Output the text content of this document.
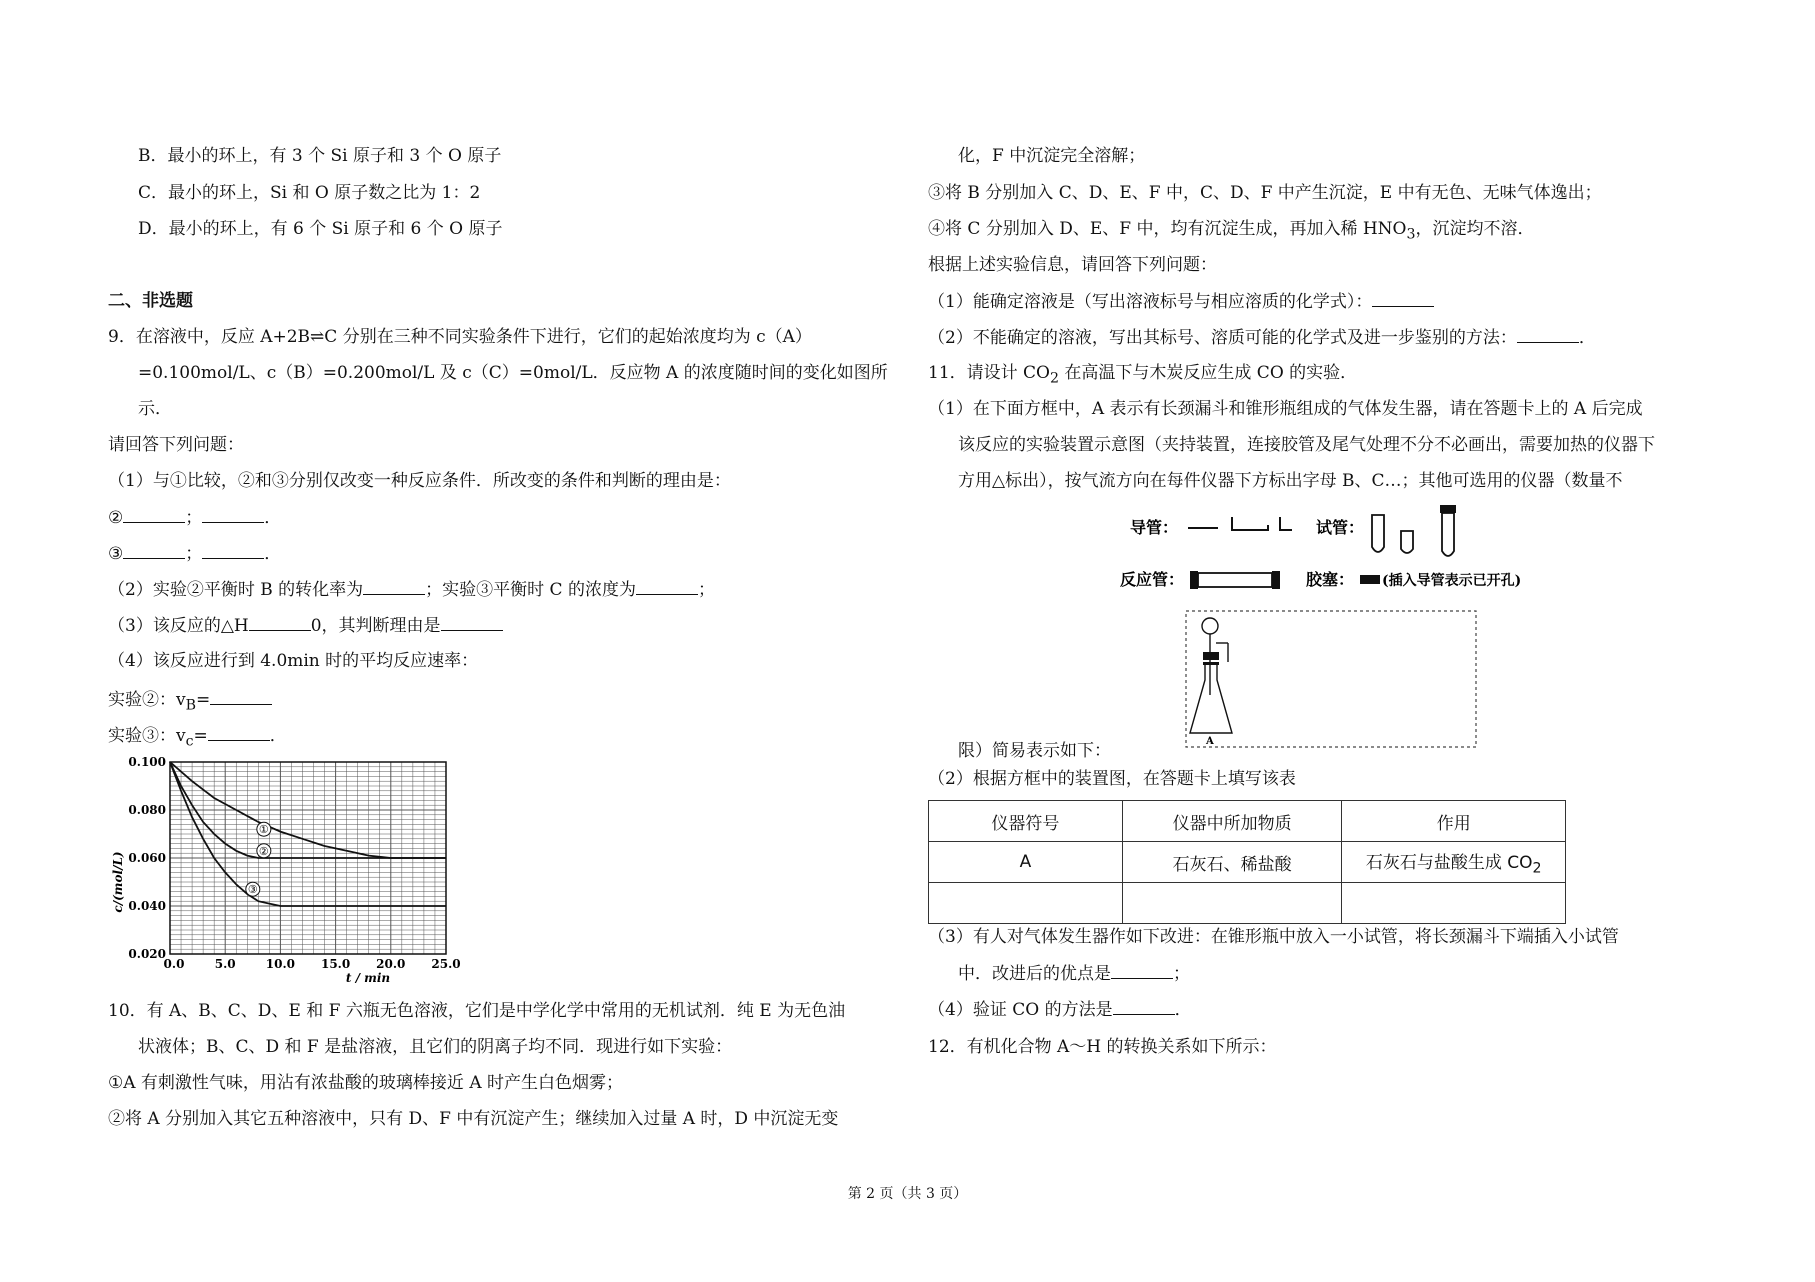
B．最小的环上，有 3 个 Si 原子和 3 个 O 原子
C．最小的环上，Si 和 O 原子数之比为 1：2
D．最小的环上，有 6 个 Si 原子和 6 个 O 原子
二、非选题
9．在溶液中，反应 A+2B⇌C 分别在三种不同实验条件下进行，它们的起始浓度均为 c（A）
=0.100mol/L、c（B）=0.200mol/L 及 c（C）=0mol/L．反应物 A 的浓度随时间的变化如图所
示．
请回答下列问题：
（1）与①比较，②和③分别仅改变一种反应条件．所改变的条件和判断的理由是：
②	；	．
③	；	．
（2）实验②平衡时 B 的转化率为	；实验③平衡时 C 的浓度为	；
（3）该反应的△H	0，其判断理由是
（4）该反应进行到 4.0min 时的平均反应速率：
实验②：$v_B=$
实验③：$v_c=$	．
10．有 A、B、C、D、E 和 F 六瓶无色溶液，它们是中学化学中常用的无机试剂．纯 E 为无色油
状液体；B、C、D 和 F 是盐溶液，且它们的阴离子均不同．现进行如下实验：
①A 有刺激性气味，用沾有浓盐酸的玻璃棒接近 A 时产生白色烟雾；
②将 A 分别加入其它五种溶液中，只有 D、F 中有沉淀产生；继续加入过量 A 时，D 中沉淀无变
①
②
③
0.0	5.0	10.0 15.0 20.0 25.0
0.100
0.080
0.060
0.040
0.020
c/(mol/L)
t / min
化，F 中沉淀完全溶解；
③将 B 分别加入 C、D、E、F 中，C、D、F 中产生沉淀，E 中有无色、无味气体逸出；
④将 C 分别加入 D、E、F 中，均有沉淀生成，再加入稀 $HNO_3$，沉淀均不溶．
根据上述实验信息，请回答下列问题：
（1）能确定溶液是（写出溶液标号与相应溶质的化学式）：
（2）不能确定的溶液，写出其标号、溶质可能的化学式及进一步鉴别的方法：	．
11．请设计 $CO_2$ 在高温下与木炭反应生成 CO 的实验．
（1）在下面方框中，A 表示有长颈漏斗和锥形瓶组成的气体发生器，请在答题卡上的 A 后完成
该反应的实验装置示意图（夹持装置，连接胶管及尾气处理不分不必画出，需要加热的仪器下
方用△标出），按气流方向在每件仪器下方标出字母 B、C…；其他可选用的仪器（数量不
限）简易表示如下：
（2）根据方框中的装置图，在答题卡上填写该表
（3）有人对气体发生器作如下改进：在锥形瓶中放入一小试管，将长颈漏斗下端插入小试管
中．改进后的优点是	；
（4）验证 CO 的方法是	．
12．有机化合物 A～H 的转换关系如下所示：
导管：	试管：
反应管：	胶塞： (插入导管表示已开孔)
A
仪器符号	仪器中所加物质	作用
A	石灰石、稀盐酸	石灰石与盐酸生成 $CO_2$

第 2 页（共 3 页）
